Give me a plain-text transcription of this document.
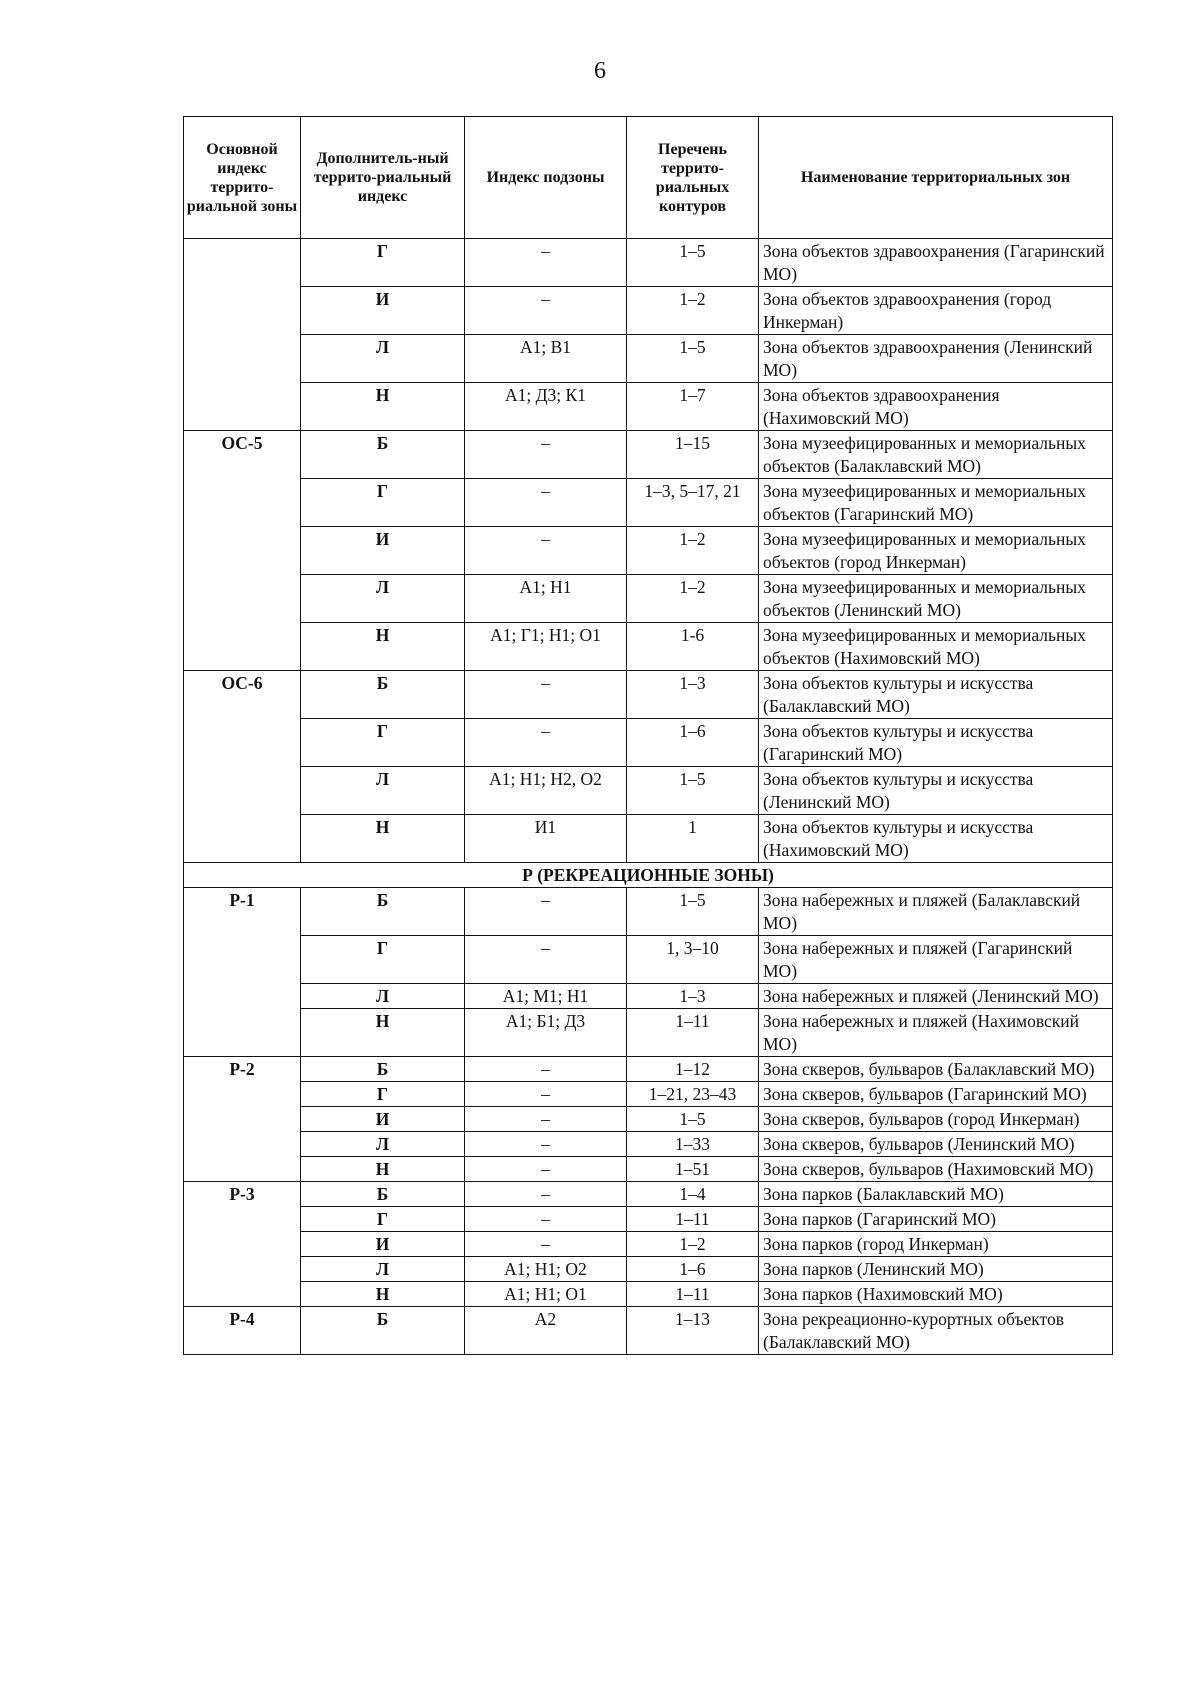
6
Основной индекс террито-риальной зоны	Дополнитель-ный террито-риальный индекс	Индекс подзоны	Перечень террито-риальных контуров	Наименование территориальных зон
	Г	–	1–5	Зона объектов здравоохранения (Гагаринский МО)
	И	–	1–2	Зона объектов здравоохранения (город Инкерман)
	Л	А1; В1	1–5	Зона объектов здравоохранения (Ленинский МО)
	Н	А1; Д3; К1	1–7	Зона объектов здравоохранения (Нахимовский МО)
ОС-5	Б	–	1–15	Зона музеефицированных и мемориальных объектов (Балаклавский МО)
	Г	–	1–3, 5–17, 21	Зона музеефицированных и мемориальных объектов (Гагаринский МО)
	И	–	1–2	Зона музеефицированных и мемориальных объектов (город Инкерман)
	Л	А1; Н1	1–2	Зона музеефицированных и мемориальных объектов (Ленинский МО)
	Н	А1; Г1; Н1; О1	1-6	Зона музеефицированных и мемориальных объектов (Нахимовский МО)
ОС-6	Б	–	1–3	Зона объектов культуры и искусства (Балаклавский МО)
	Г	–	1–6	Зона объектов культуры и искусства (Гагаринский МО)
	Л	А1; Н1; Н2, О2	1–5	Зона объектов культуры и искусства (Ленинский МО)
	Н	И1	1	Зона объектов культуры и искусства (Нахимовский МО)
Р (РЕКРЕАЦИОННЫЕ ЗОНЫ)				
Р-1	Б	–	1–5	Зона набережных и пляжей (Балаклавский МО)
	Г	–	1, 3–10	Зона набережных и пляжей (Гагаринский МО)
	Л	А1; М1; Н1	1–3	Зона набережных и пляжей (Ленинский МО)
	Н	А1; Б1; Д3	1–11	Зона набережных и пляжей (Нахимовский МО)
Р-2	Б	–	1–12	Зона скверов, бульваров (Балаклавский МО)
	Г	–	1–21, 23–43	Зона скверов, бульваров (Гагаринский МО)
	И	–	1–5	Зона скверов, бульваров (город Инкерман)
	Л	–	1–33	Зона скверов, бульваров (Ленинский МО)
	Н	–	1–51	Зона скверов, бульваров (Нахимовский МО)
Р-3	Б	–	1–4	Зона парков (Балаклавский МО)
	Г	–	1–11	Зона парков (Гагаринский МО)
	И	–	1–2	Зона парков (город Инкерман)
	Л	А1; Н1; О2	1–6	Зона парков (Ленинский МО)
	Н	А1; Н1; О1	1–11	Зона парков (Нахимовский МО)
Р-4	Б	А2	1–13	Зона рекреационно-курортных объектов (Балаклавский МО)
